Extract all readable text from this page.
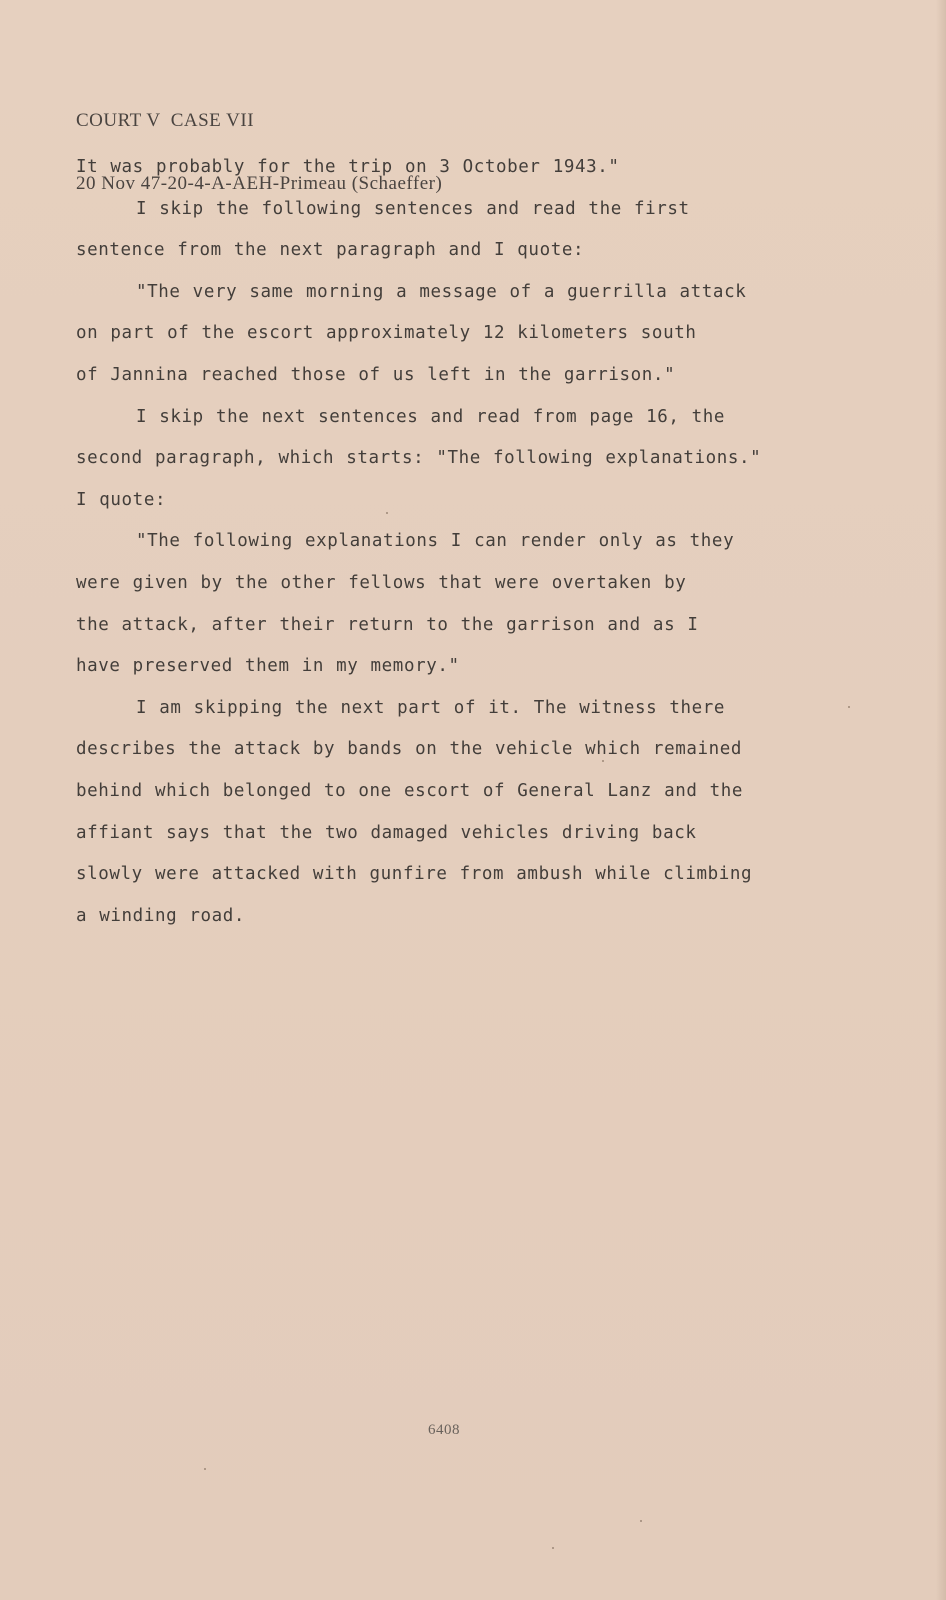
COURT V  CASE VII

20 Nov 47-20-4-A-AEH-Primeau (Schaeffer)

It was probably for the trip on 3 October 1943."
I skip the following sentences and read the first
sentence from the next paragraph and I quote:
"The very same morning a message of a guerrilla attack
on part of the escort approximately 12 kilometers south
of Jannina reached those of us left in the garrison."
I skip the next sentences and read from page 16, the
second paragraph, which starts: "The following explanations."
I quote:
"The following explanations I can render only as they
were given by the other fellows that were overtaken by
the attack, after their return to the garrison and as I
have preserved them in my memory."
I am skipping the next part of it. The witness there
describes the attack by bands on the vehicle which remained
behind which belonged to one escort of General Lanz and the
affiant says that the two damaged vehicles driving back
slowly were attacked with gunfire from ambush while climbing
a winding road.
6408
